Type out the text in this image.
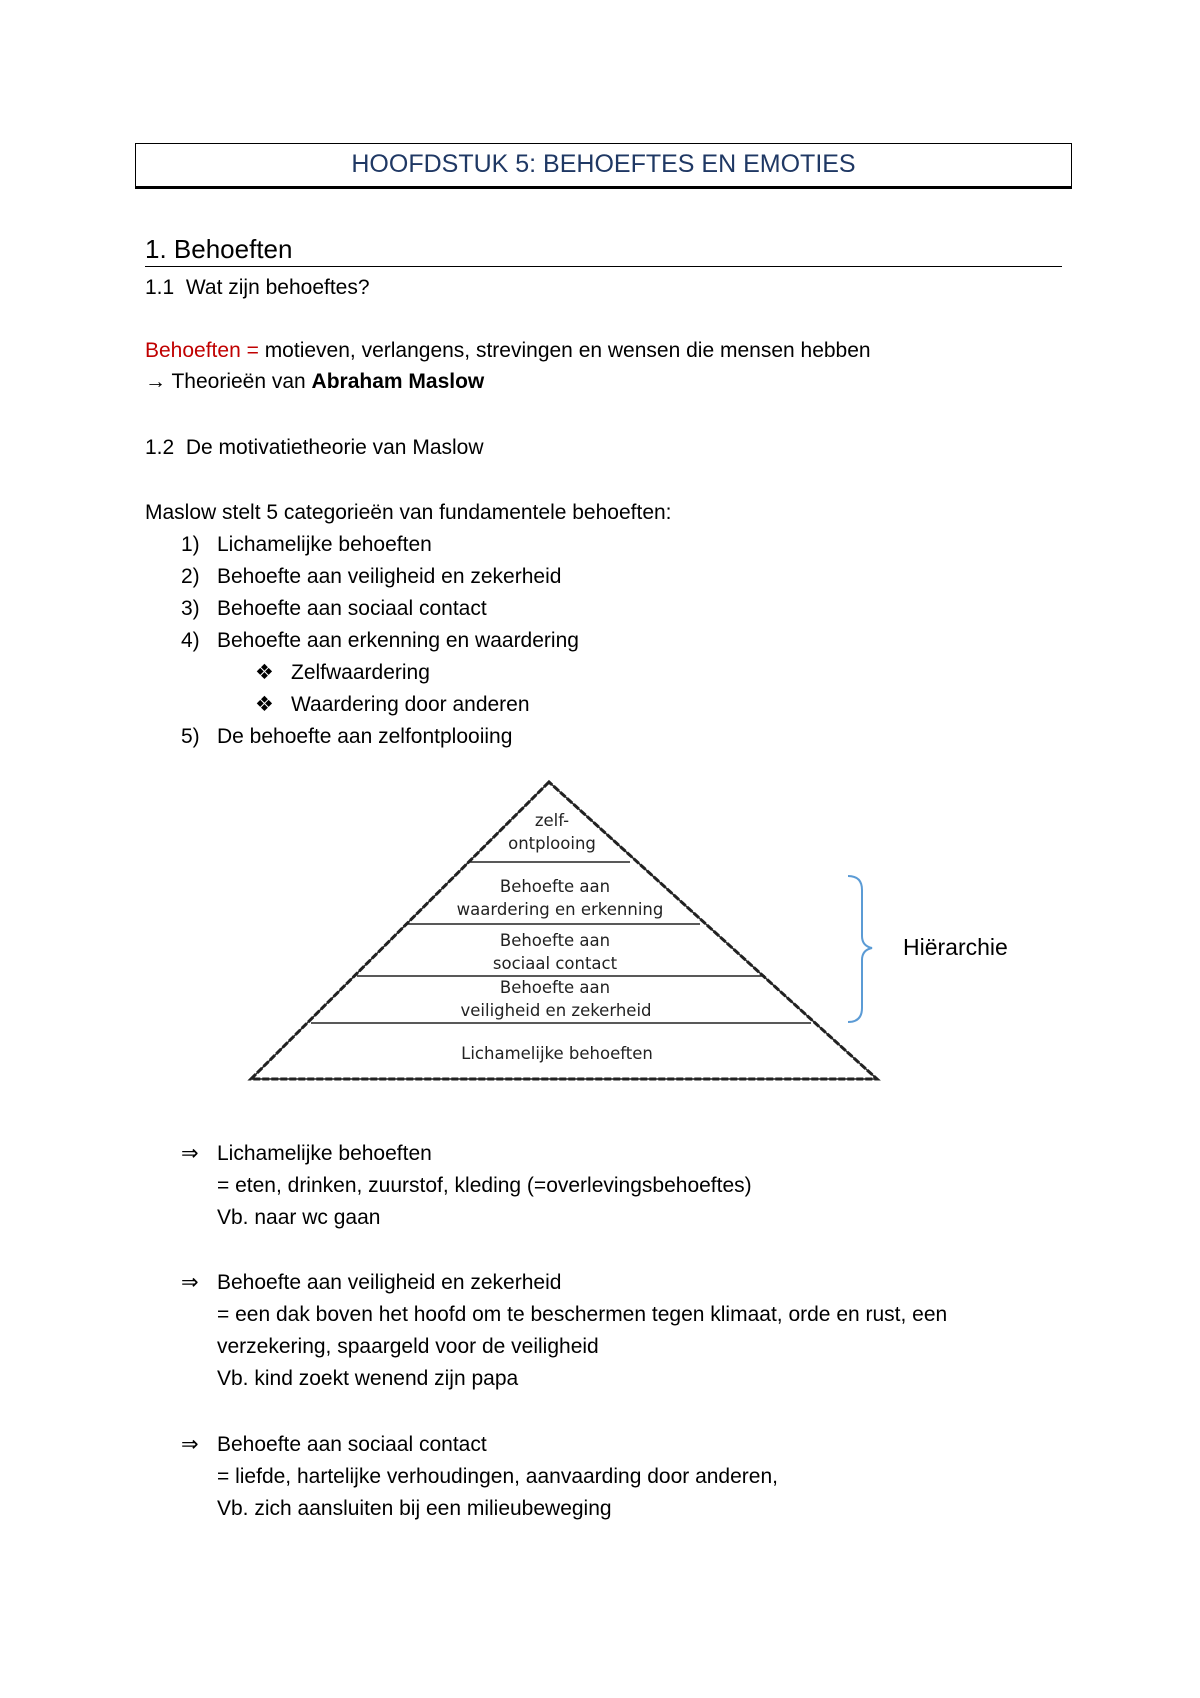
HOOFDSTUK 5: BEHOEFTES EN EMOTIES
1. Behoeften
1.1 Wat zijn behoeftes?
Behoeften = motieven, verlangens, strevingen en wensen die mensen hebben
→ Theorieën van Abraham Maslow
1.2 De motivatietheorie van Maslow
Maslow stelt 5 categorieën van fundamentele behoeften:
1) Lichamelijke behoeften
2) Behoefte aan veiligheid en zekerheid
3) Behoefte aan sociaal contact
4) Behoefte aan erkenning en waardering
❖ Zelfwaardering
❖ Waardering door anderen
5) De behoefte aan zelfontplooiing
zelf-
ontplooing
Behoefte aan
waardering en erkenning
Behoefte aan
sociaal contact
Behoefte aan
veiligheid en zekerheid
Lichamelijke behoeften
Hiërarchie
⇒ Lichamelijke behoeften
= eten, drinken, zuurstof, kleding (=overlevingsbehoeftes)
Vb. naar wc gaan
⇒ Behoefte aan veiligheid en zekerheid
= een dak boven het hoofd om te beschermen tegen klimaat, orde en rust, een
verzekering, spaargeld voor de veiligheid
Vb. kind zoekt wenend zijn papa
⇒ Behoefte aan sociaal contact
= liefde, hartelijke verhoudingen, aanvaarding door anderen,
Vb. zich aansluiten bij een milieubeweging
